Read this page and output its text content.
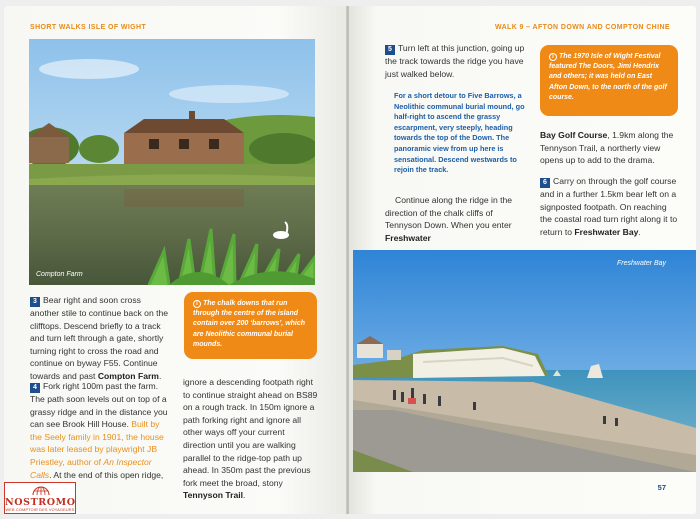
SHORT WALKS ISLE OF WIGHT
Compton Farm
3 Bear right and soon cross another stile to continue back on the clifftops. Descend briefly to a track and turn left through a gate, shortly turning right to cross the road and continue on byway F55. Continue towards and past Compton Farm.
i The chalk downs that run through the centre of the island contain over 200 ‘barrows’, which are Neolithic communal burial mounds.
4 Fork right 100m past the farm. The path soon levels out on top of a grassy ridge and in the distance you can see Brook Hill House. Built by the Seely family in 1901, the house was later leased by playwright JB Priestley, author of An Inspector Calls. At the end of this open ridge,
ignore a descending footpath right to continue straight ahead on BS89 on a rough track. In 150m ignore a path forking right and ignore all other ways off your current direction until you are walking parallel to the ridge-top path up ahead. In 350m past the previous fork meet the broad, stony Tennyson Trail.
WALK 9 – AFTON DOWN AND COMPTON CHINE
5 Turn left at this junction, going up the track towards the ridge you have just walked below.
For a short detour to Five Barrows, a Neolithic communal burial mound, go half-right to ascend the grassy escarpment, very steeply, heading towards the top of the Down. The panoramic view from up here is sensational. Descend westwards to rejoin the track.
Continue along the ridge in the direction of the chalk cliffs of Tennyson Down. When you enter Freshwater
i The 1970 Isle of Wight Festival featured The Doors, Jimi Hendrix and others; it was held on East Afton Down, to the north of the golf course.
Bay Golf Course, 1.9km along the Tennyson Trail, a northerly view opens up to add to the drama.
6 Carry on through the golf course and in a further 1.5km bear left on a signposted footpath. On reaching the coastal road turn right along it to return to Freshwater Bay.
Freshwater Bay
57
NOSTROMO
WEB COMPTOIR DES VOYAGEURS
